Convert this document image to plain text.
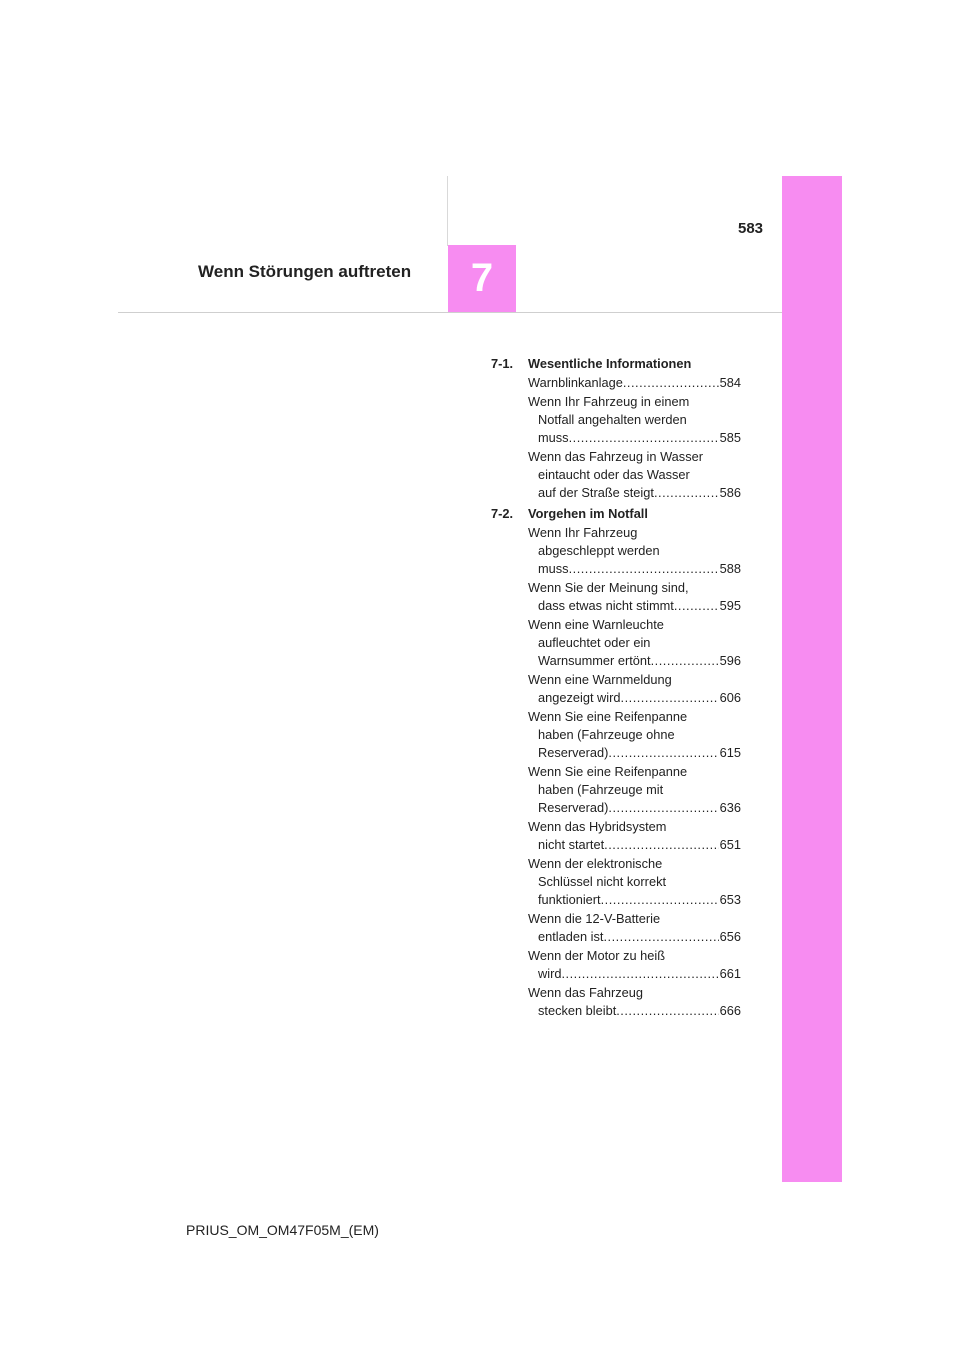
583
Wenn Störungen auftreten 7
7-1.	Wesentliche Informationen
Warnblinkanlage .....	584
Wenn Ihr Fahrzeug in einem
Notfall angehalten werden
muss .....	585
Wenn das Fahrzeug in Wasser
eintaucht oder das Wasser
auf der Straße steigt .....	586
7-2.	Vorgehen im Notfall
Wenn Ihr Fahrzeug
abgeschleppt werden
muss .....	588
Wenn Sie der Meinung sind,
dass etwas nicht stimmt .....	595
Wenn eine Warnleuchte
aufleuchtet oder ein
Warnsummer ertönt .....	596
Wenn eine Warnmeldung
angezeigt wird .....	606
Wenn Sie eine Reifenpanne
haben (Fahrzeuge ohne
Reserverad) .....	615
Wenn Sie eine Reifenpanne
haben (Fahrzeuge mit
Reserverad) .....	636
Wenn das Hybridsystem
nicht startet .....	651
Wenn der elektronische
Schlüssel nicht korrekt
funktioniert .....	653
Wenn die 12-V-Batterie
entladen ist .....	656
Wenn der Motor zu heiß
wird .....	661
Wenn das Fahrzeug
stecken bleibt .....	666
PRIUS_OM_OM47F05M_(EM)
